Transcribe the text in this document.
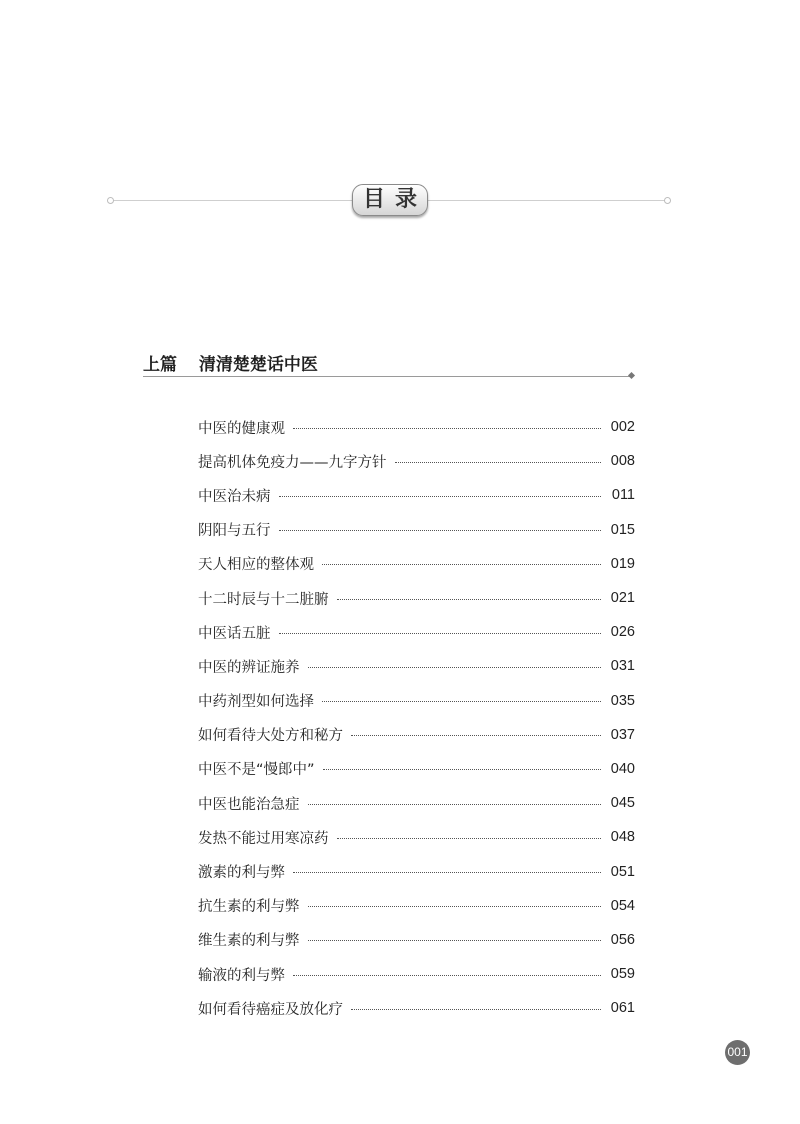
目录
上篇 清清楚楚话中医
中医的健康观	002
提高机体免疫力——九字方针	008
中医治未病	011
阴阳与五行	015
天人相应的整体观	019
十二时辰与十二脏腑	021
中医话五脏	026
中医的辨证施养	031
中药剂型如何选择	035
如何看待大处方和秘方	037
中医不是“慢郎中”	040
中医也能治急症	045
发热不能过用寒凉药	048
激素的利与弊	051
抗生素的利与弊	054
维生素的利与弊	056
输液的利与弊	059
如何看待癌症及放化疗	061
001
